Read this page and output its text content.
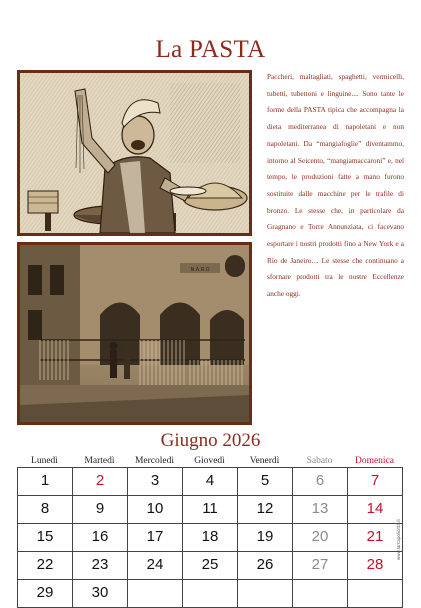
La PASTA
N.A.R.O

Paccheri, maltagliati, spaghetti, vermicelli, tubetti, tubettoni e linguine.... Sono tante le forme della PASTA tipica che accompagna la dieta mediterranea di napoletani e non napoletani. Da “mangiafoglie” diventammo, intorno al Seicento, “mangiamaccaroni” e, nel tempo, le produzioni fatte a mano furono sostituite dalle macchine per le trafile di bronzo. Le stesse che, in particolare da Gragnano e Torre Annunziata, ci facevano esportare i nostri prodotti fino a New York e a Rio de Janeiro.... Le stesse che continuano a sfornare prodotti tra le nostre Eccellenze anche oggi.

Giugno 2026
Lunedì	Martedì	Mercoledì	Giovedì	Venerdì	Sabato	Domenica
1	2	3	4	5	6	7
8	9	10	11	12	13	14
15	16	17	18	19	20	21
22	23	24	25	26	27	28
29	30
www.larnapolicitta.it
